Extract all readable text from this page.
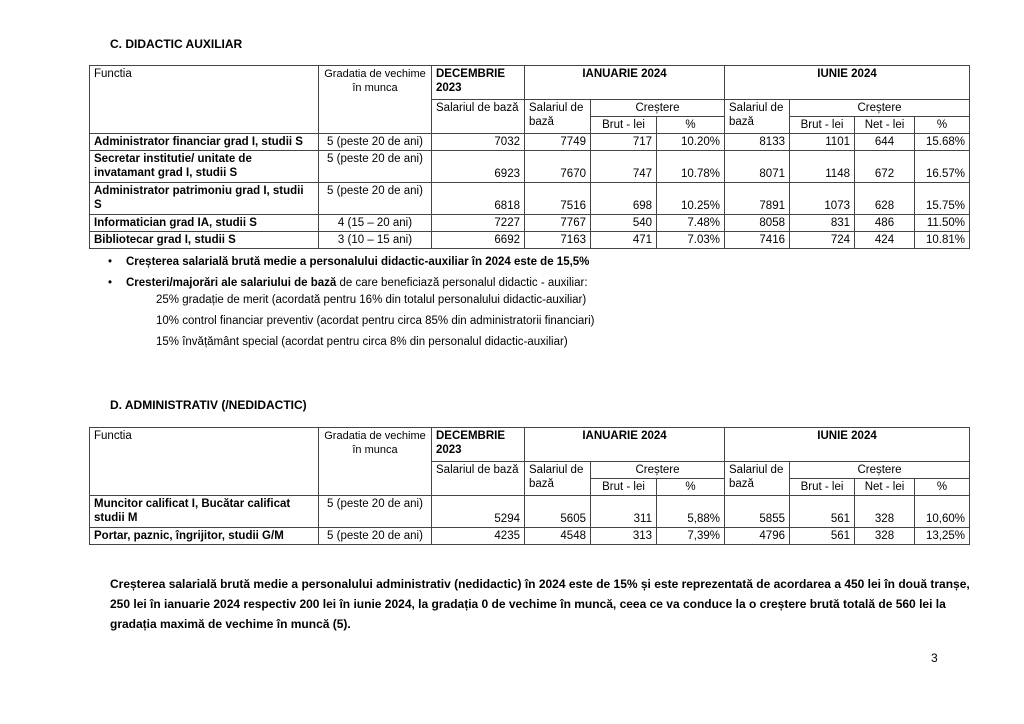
C. DIDACTIC AUXILIAR
Functia	Gradatia de vechime în munca	DECEMBRIE 2023	IANUARIE 2024			IUNIE 2024			
		Salariul de bază	Salariul de bază	Creștere		Salariul de bază	Creștere		
				Brut - lei	%		Brut - lei	Net - lei	%
Administrator financiar grad I, studii S	5 (peste 20 de ani)	7032	7749	717	10.20%	8133	1101	644	15.68%
Secretar institutie/ unitate de invatamant grad I, studii S	5 (peste 20 de ani)	6923	7670	747	10.78%	8071	1148	672	16.57%
Administrator patrimoniu grad I, studii S	5 (peste 20 de ani)	6818	7516	698	10.25%	7891	1073	628	15.75%
Informatician grad IA, studii S	4 (15 – 20 ani)	7227	7767	540	7.48%	8058	831	486	11.50%
Bibliotecar grad I, studii S	3 (10 – 15 ani)	6692	7163	471	7.03%	7416	724	424	10.81%
• Creșterea salarială brută medie a personalului didactic-auxiliar în 2024 este de 15,5%
• Cresteri/majorări ale salariului de bază de care beneficiază personalul didactic - auxiliar:
25% gradație de merit (acordată pentru 16% din totalul personalului didactic-auxiliar)
10% control financiar preventiv (acordat pentru circa 85% din administratorii financiari)
15% învățământ special (acordat pentru circa 8% din personalul didactic-auxiliar)
D. ADMINISTRATIV (/NEDIDACTIC)
Functia	Gradatia de vechime în munca	DECEMBRIE 2023	IANUARIE 2024			IUNIE 2024			
		Salariul de bază	Salariul de bază	Creștere		Salariul de bază	Creștere		
				Brut - lei	%		Brut - lei	Net - lei	%
Muncitor calificat I, Bucătar calificat studii M	5 (peste 20 de ani)	5294	5605	311	5,88%	5855	561	328	10,60%
Portar, paznic, îngrijitor, studii G/M	5 (peste 20 de ani)	4235	4548	313	7,39%	4796	561	328	13,25%
Creșterea salarială brută medie a personalului administrativ (nedidactic) în 2024 este de 15% și este reprezentată de acordarea a 450 lei în două tranșe, 250 lei în ianuarie 2024 respectiv 200 lei în iunie 2024, la gradația 0 de vechime în muncă, ceea ce va conduce la o creștere brută totală de 560 lei la gradația maximă de vechime în muncă (5).
3
